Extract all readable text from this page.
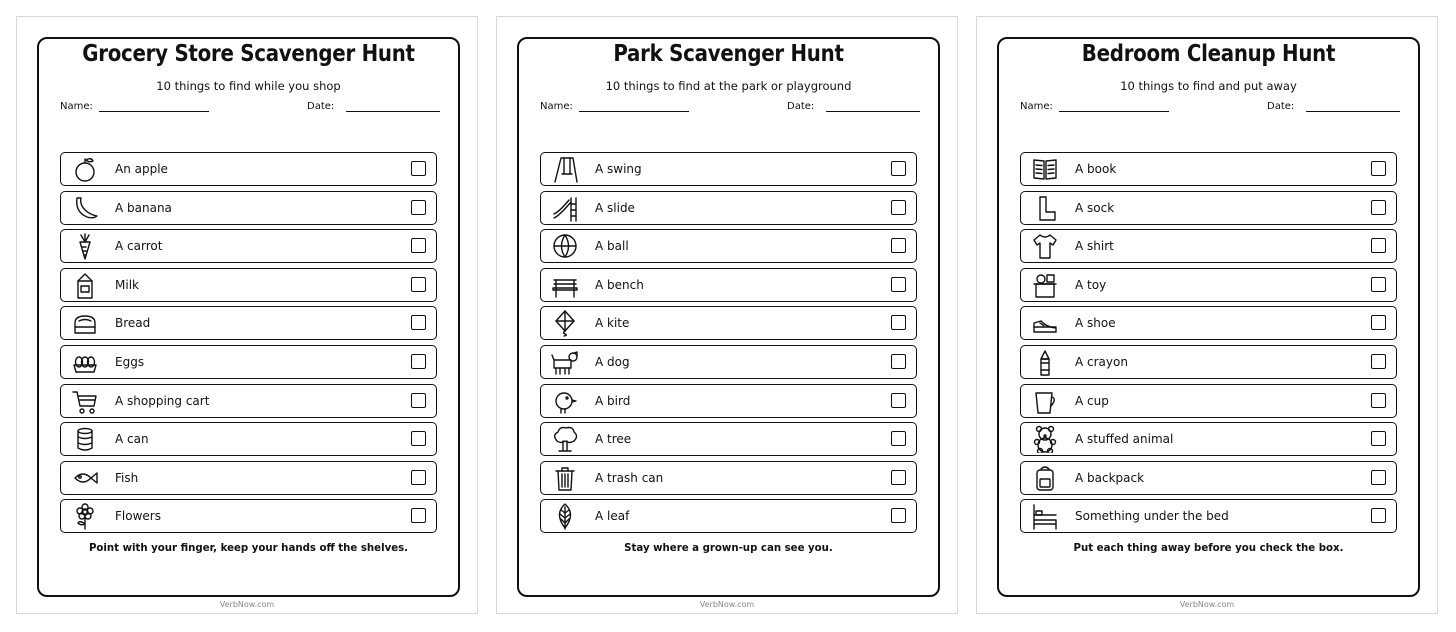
Grocery Store Scavenger Hunt
10 things to find while you shop
Name:	Date:
An apple
A banana
A carrot
Milk
Bread
Eggs
A shopping cart
A can
Fish
Flowers
Point with your finger, keep your hands off the shelves.
VerbNow.com
Park Scavenger Hunt
10 things to find at the park or playground
Name:	Date:
A swing
A slide
A ball
A bench
A kite
A dog
A bird
A tree
A trash can
A leaf
Stay where a grown-up can see you.
VerbNow.com
Bedroom Cleanup Hunt
10 things to find and put away
Name:	Date:
A book
A sock
A shirt
A toy
A shoe
A crayon
A cup
A stuffed animal
A backpack
Something under the bed
Put each thing away before you check the box.
VerbNow.com
